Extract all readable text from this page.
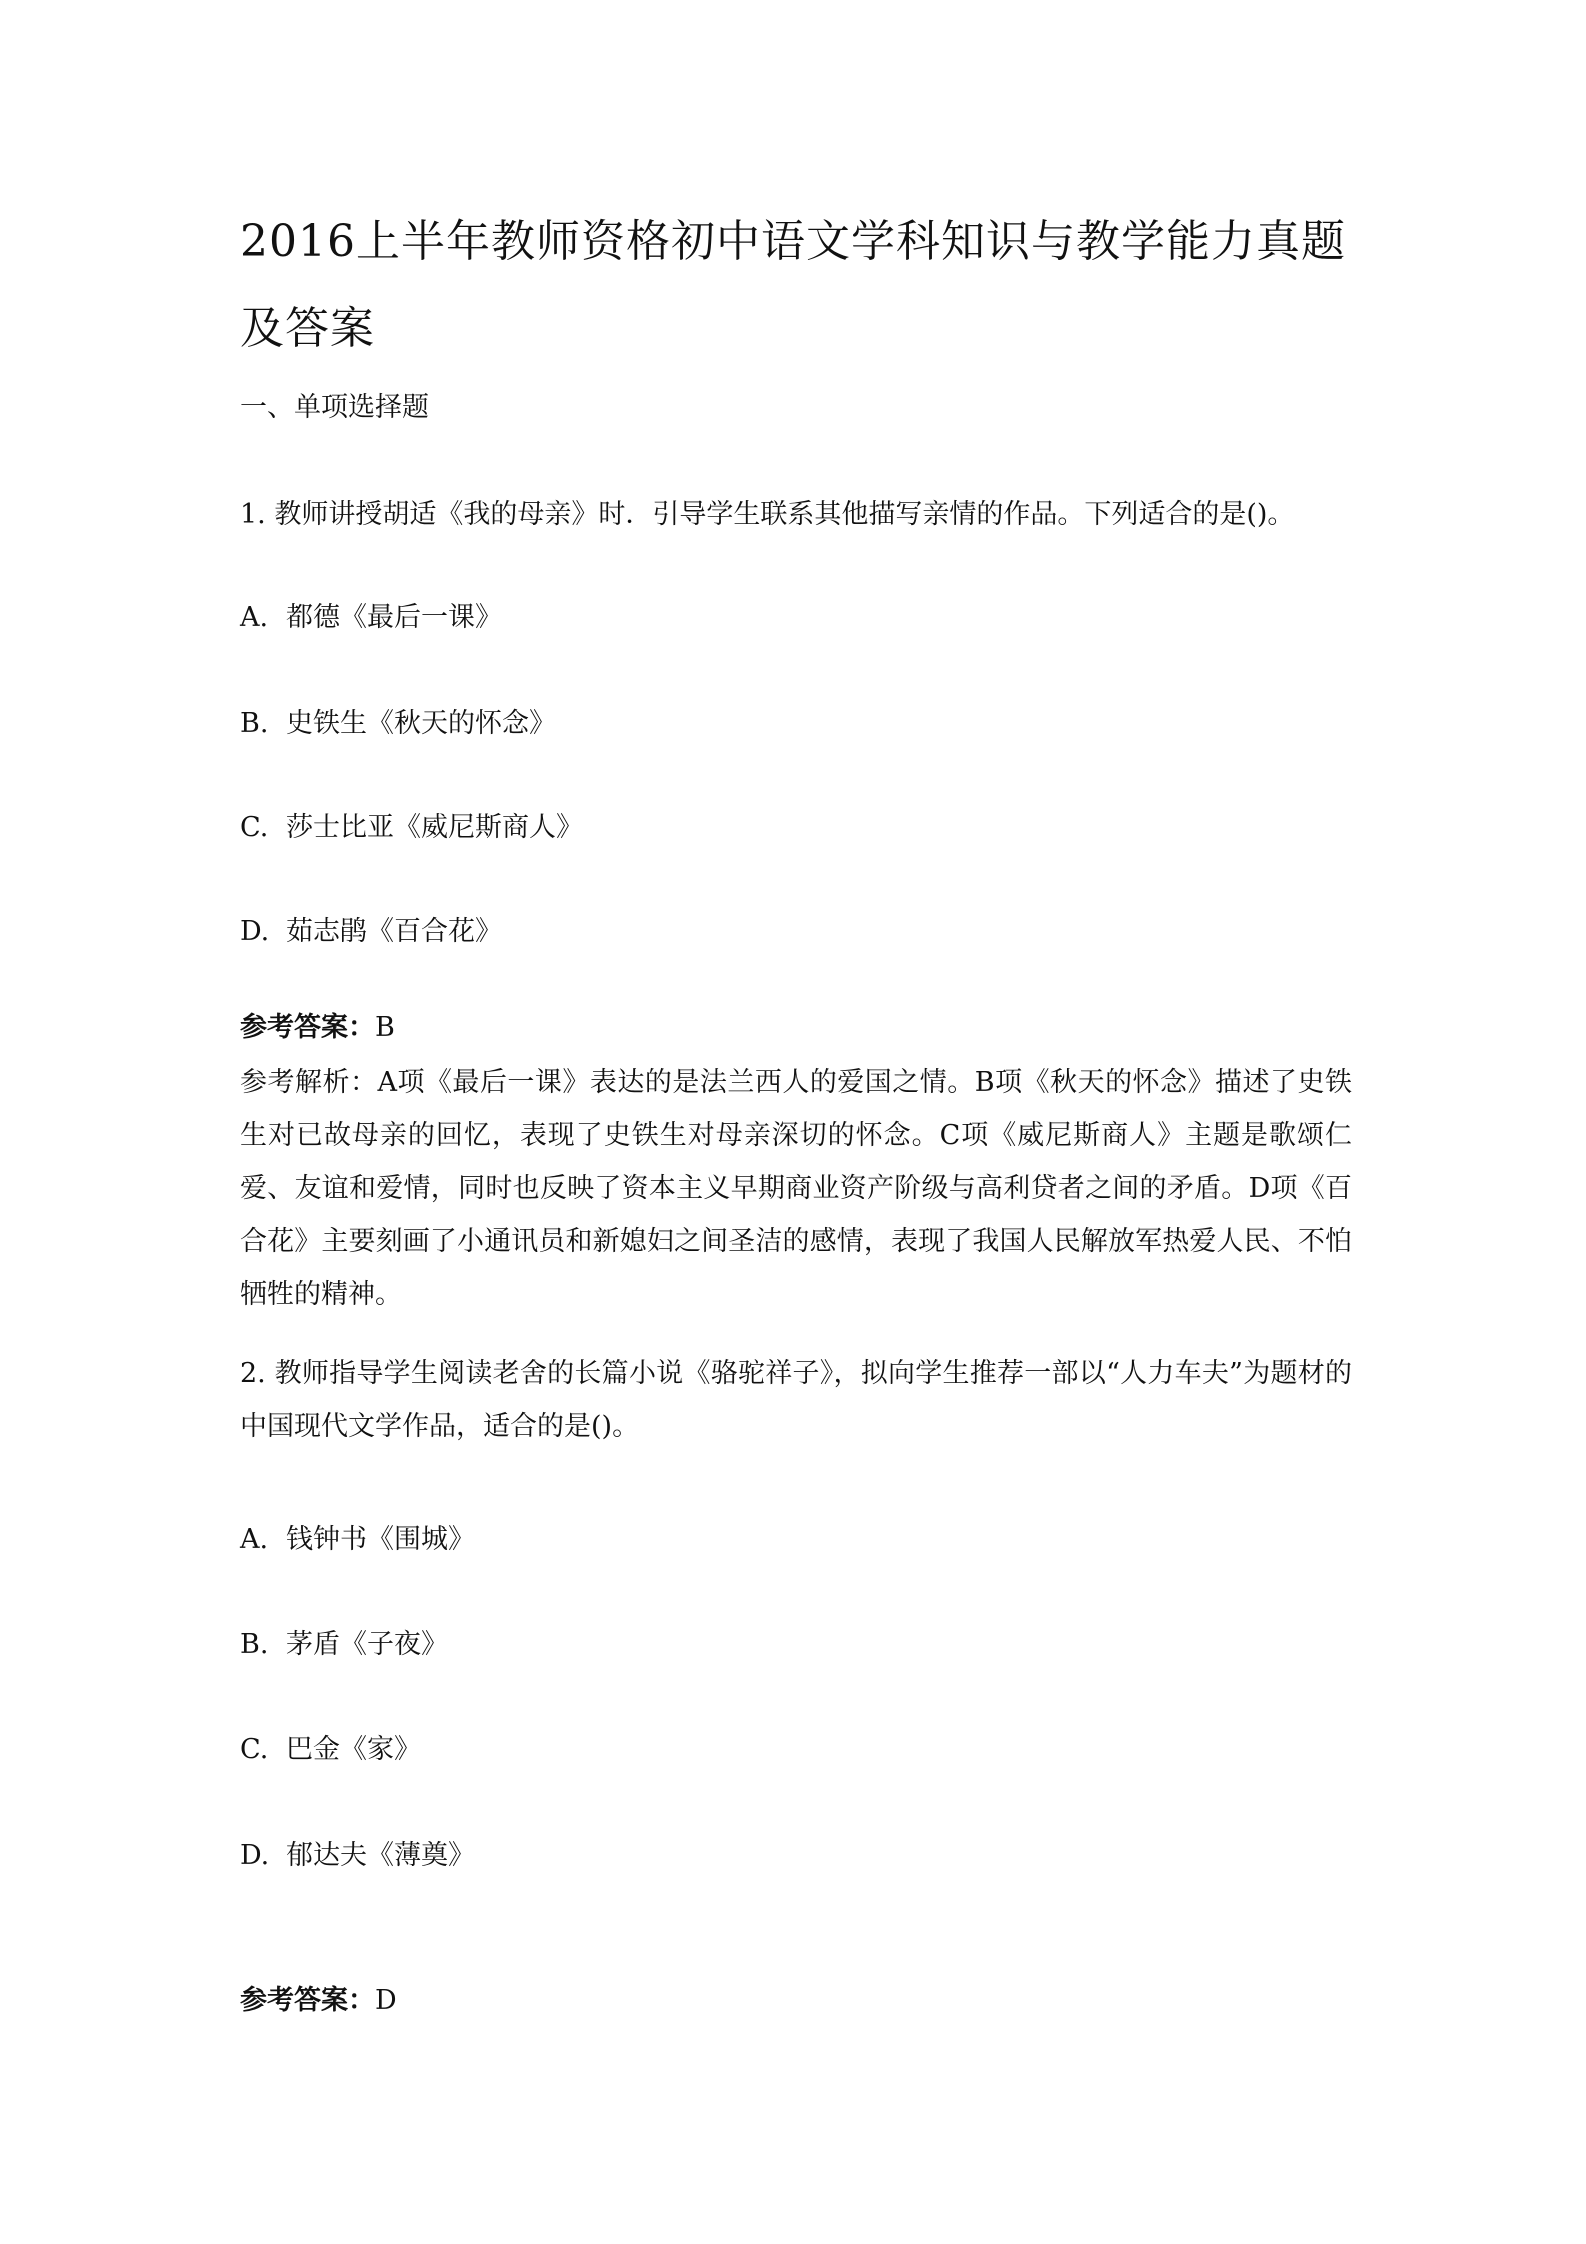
2016上半年教师资格初中语文学科知识与教学能力真题及答案
一、单项选择题
1. 教师讲授胡适《我的母亲》时．引导学生联系其他描写亲情的作品。下列适合的是()。
A. 都德《最后一课》
B. 史铁生《秋天的怀念》
C. 莎士比亚《威尼斯商人》
D. 茹志鹃《百合花》
参考答案：B
参考解析：A项《最后一课》表达的是法兰西人的爱国之情。B项《秋天的怀念》描述了史铁生对已故母亲的回忆，表现了史铁生对母亲深切的怀念。C项《威尼斯商人》主题是歌颂仁爱、友谊和爱情，同时也反映了资本主义早期商业资产阶级与高利贷者之间的矛盾。D项《百合花》主要刻画了小通讯员和新媳妇之间圣洁的感情，表现了我国人民解放军热爱人民、不怕牺牲的精神。
2. 教师指导学生阅读老舍的长篇小说《骆驼祥子》，拟向学生推荐一部以“人力车夫”为题材的中国现代文学作品，适合的是()。
A. 钱钟书《围城》
B. 茅盾《子夜》
C. 巴金《家》
D. 郁达夫《薄奠》
参考答案：D
